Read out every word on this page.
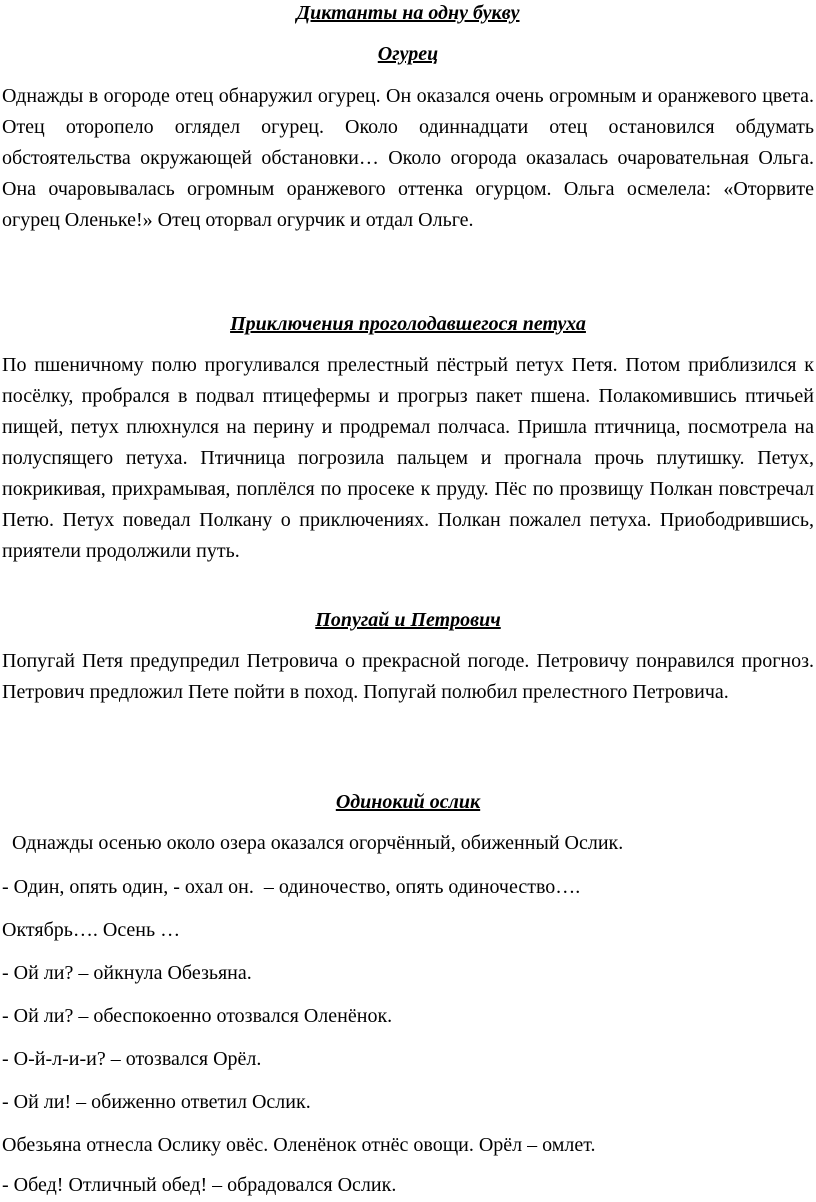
Диктанты на одну букву
Огурец
Однажды в огороде отец обнаружил огурец. Он оказался очень огромным и оранжевого цвета. Отец оторопело оглядел огурец. Около одиннадцати отец остановился обдумать обстоятельства окружающей обстановки… Около огорода оказалась очаровательная Ольга. Она очаровывалась огромным оранжевого оттенка огурцом. Ольга осмелела: «Оторвите огурец Оленьке!» Отец оторвал огурчик и отдал Ольге.
Приключения проголодавшегося петуха
По пшеничному полю прогуливался прелестный пёстрый петух Петя. Потом приблизился к посёлку, пробрался в подвал птицефермы и прогрыз пакет пшена. Полакомившись птичьей пищей, петух плюхнулся на перину и продремал полчаса. Пришла птичница, посмотрела на полуспящего петуха. Птичница погрозила пальцем и прогнала прочь плутишку. Петух, покрикивая, прихрамывая, поплёлся по просеке к пруду. Пёс по прозвищу Полкан повстречал Петю. Петух поведал Полкану о приключениях. Полкан пожалел петуха. Приободрившись, приятели продолжили путь.
Попугай и Петрович
Попугай Петя предупредил Петровича о прекрасной погоде. Петровичу понравился прогноз. Петрович предложил Пете пойти в поход. Попугай полюбил прелестного Петровича.
Одинокий ослик
Однажды осенью около озера оказался огорчённый, обиженный Ослик.
- Один, опять один, - охал он.  – одиночество, опять одиночество….
Октябрь…. Осень …
- Ой ли? – ойкнула Обезьяна.
- Ой ли? – обеспокоенно отозвался Оленёнок.
- О-й-л-и-и? – отозвался Орёл.
- Ой ли! – обиженно ответил Ослик.
Обезьяна отнесла Ослику овёс. Оленёнок отнёс овощи. Орёл – омлет.
- Обед! Отличный обед! – обрадовался Ослик.
